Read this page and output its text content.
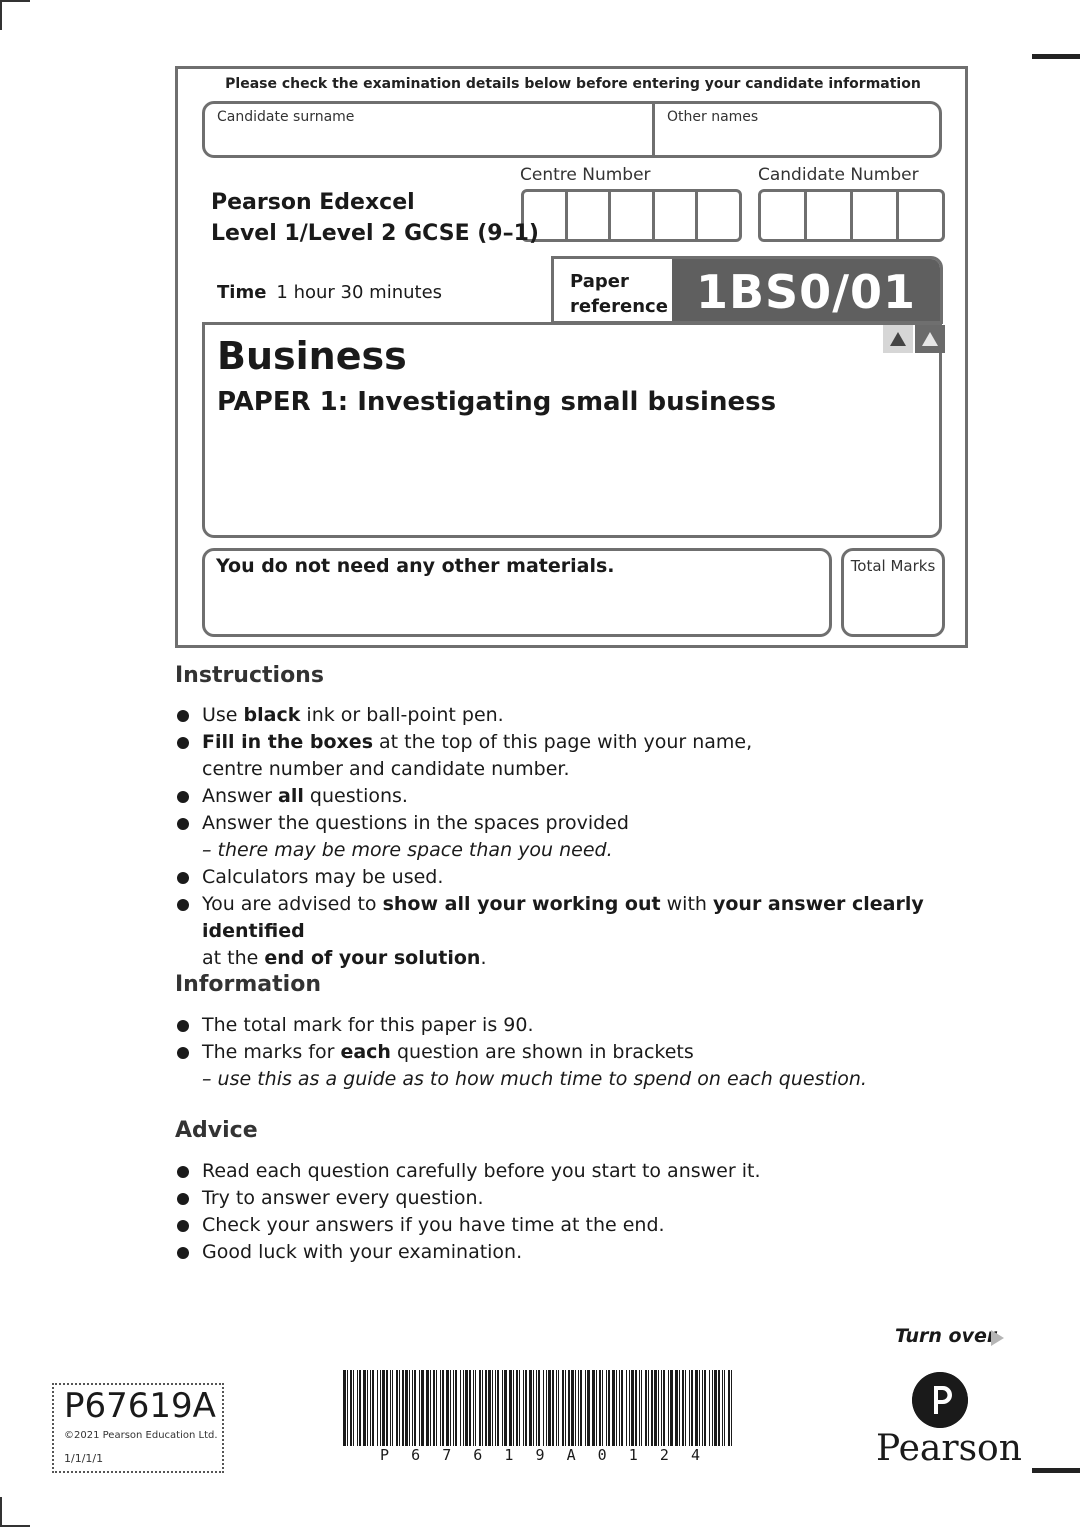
Please check the examination details below before entering your candidate information
Candidate surname	Other names
Centre Number	Candidate Number
Pearson Edexcel
Level 1/Level 2 GCSE (9–1)
Time 1 hour 30 minutes
Paper
reference 1BS0/01
Business
PAPER 1: Investigating small business
You do not need any other materials.	Total Marks
Instructions
Use black ink or ball-point pen.
Fill in the boxes at the top of this page with your name,
centre number and candidate number.
Answer all questions.
Answer the questions in the spaces provided
– there may be more space than you need.
Calculators may be used.
You are advised to show all your working out with your answer clearly identified
at the end of your solution.
Information
The total mark for this paper is 90.
The marks for each question are shown in brackets
– use this as a guide as to how much time to spend on each question.
Advice
Read each question carefully before you start to answer it.
Try to answer every question.
Check your answers if you have time at the end.
Good luck with your examination.
Turn over
P67619A
©2021 Pearson Education Ltd.
1/1/1/1	P 6 7 6 1 9 A 0 1 2 4	Pearson
